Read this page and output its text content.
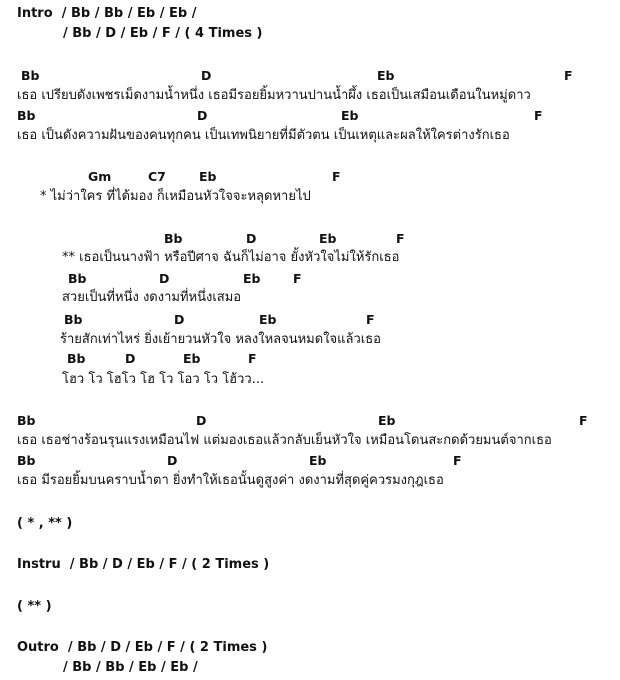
Intro  / Bb / Bb / Eb / Eb /
/ Bb / D / Eb / F / ( 4 Times )
Bb	D	Eb	F
เธอ เปรียบดังเพชรเม็ดงามน้ำหนึ่ง เธอมีรอยยิ้มหวานปานน้ำผึ้ง เธอเป็นเสมือนเดือนในหมู่ดาว
Bb	D	Eb	F
เธอ เป็นดังความฝันของคนทุกคน เป็นเทพนิยายที่มีตัวตน เป็นเหตุและผลให้ใครต่างรักเธอ
Gm	C7	Eb	F
* ไม่ว่าใคร ที่ได้มอง ก็เหมือนหัวใจจะหลุดหายไป
Bb	D	Eb	F
** เธอเป็นนางฟ้า หรือปีศาจ ฉันก็ไม่อาจ ยั้งหัวใจไม่ให้รักเธอ
Bb	D	Eb	F
สวยเป็นที่หนึ่ง งดงามที่หนึ่งเสมอ
Bb	D	Eb	F
ร้ายสักเท่าไหร่ ยิ่งเย้ายวนหัวใจ หลงใหลจนหมดใจแล้วเธอ
Bb	D	Eb	F
โฮว โว โฮโว โฮ โว โอว โว โฮ้วว...
Bb	D	Eb	F
เธอ เธอช่างร้อนรุนแรงเหมือนไฟ แต่มองเธอแล้วกลับเย็นหัวใจ เหมือนโดนสะกดด้วยมนต์จากเธอ
Bb	D	Eb	F
เธอ มีรอยยิ้มบนคราบน้ำตา ยิ่งทำให้เธอนั้นดูสูงค่า งดงามที่สุดคู่ควรมงกุฎเธอ
( * , ** )
Instru  / Bb / D / Eb / F / ( 2 Times )
( ** )
Outro  / Bb / D / Eb / F / ( 2 Times )
/ Bb / Bb / Eb / Eb /
